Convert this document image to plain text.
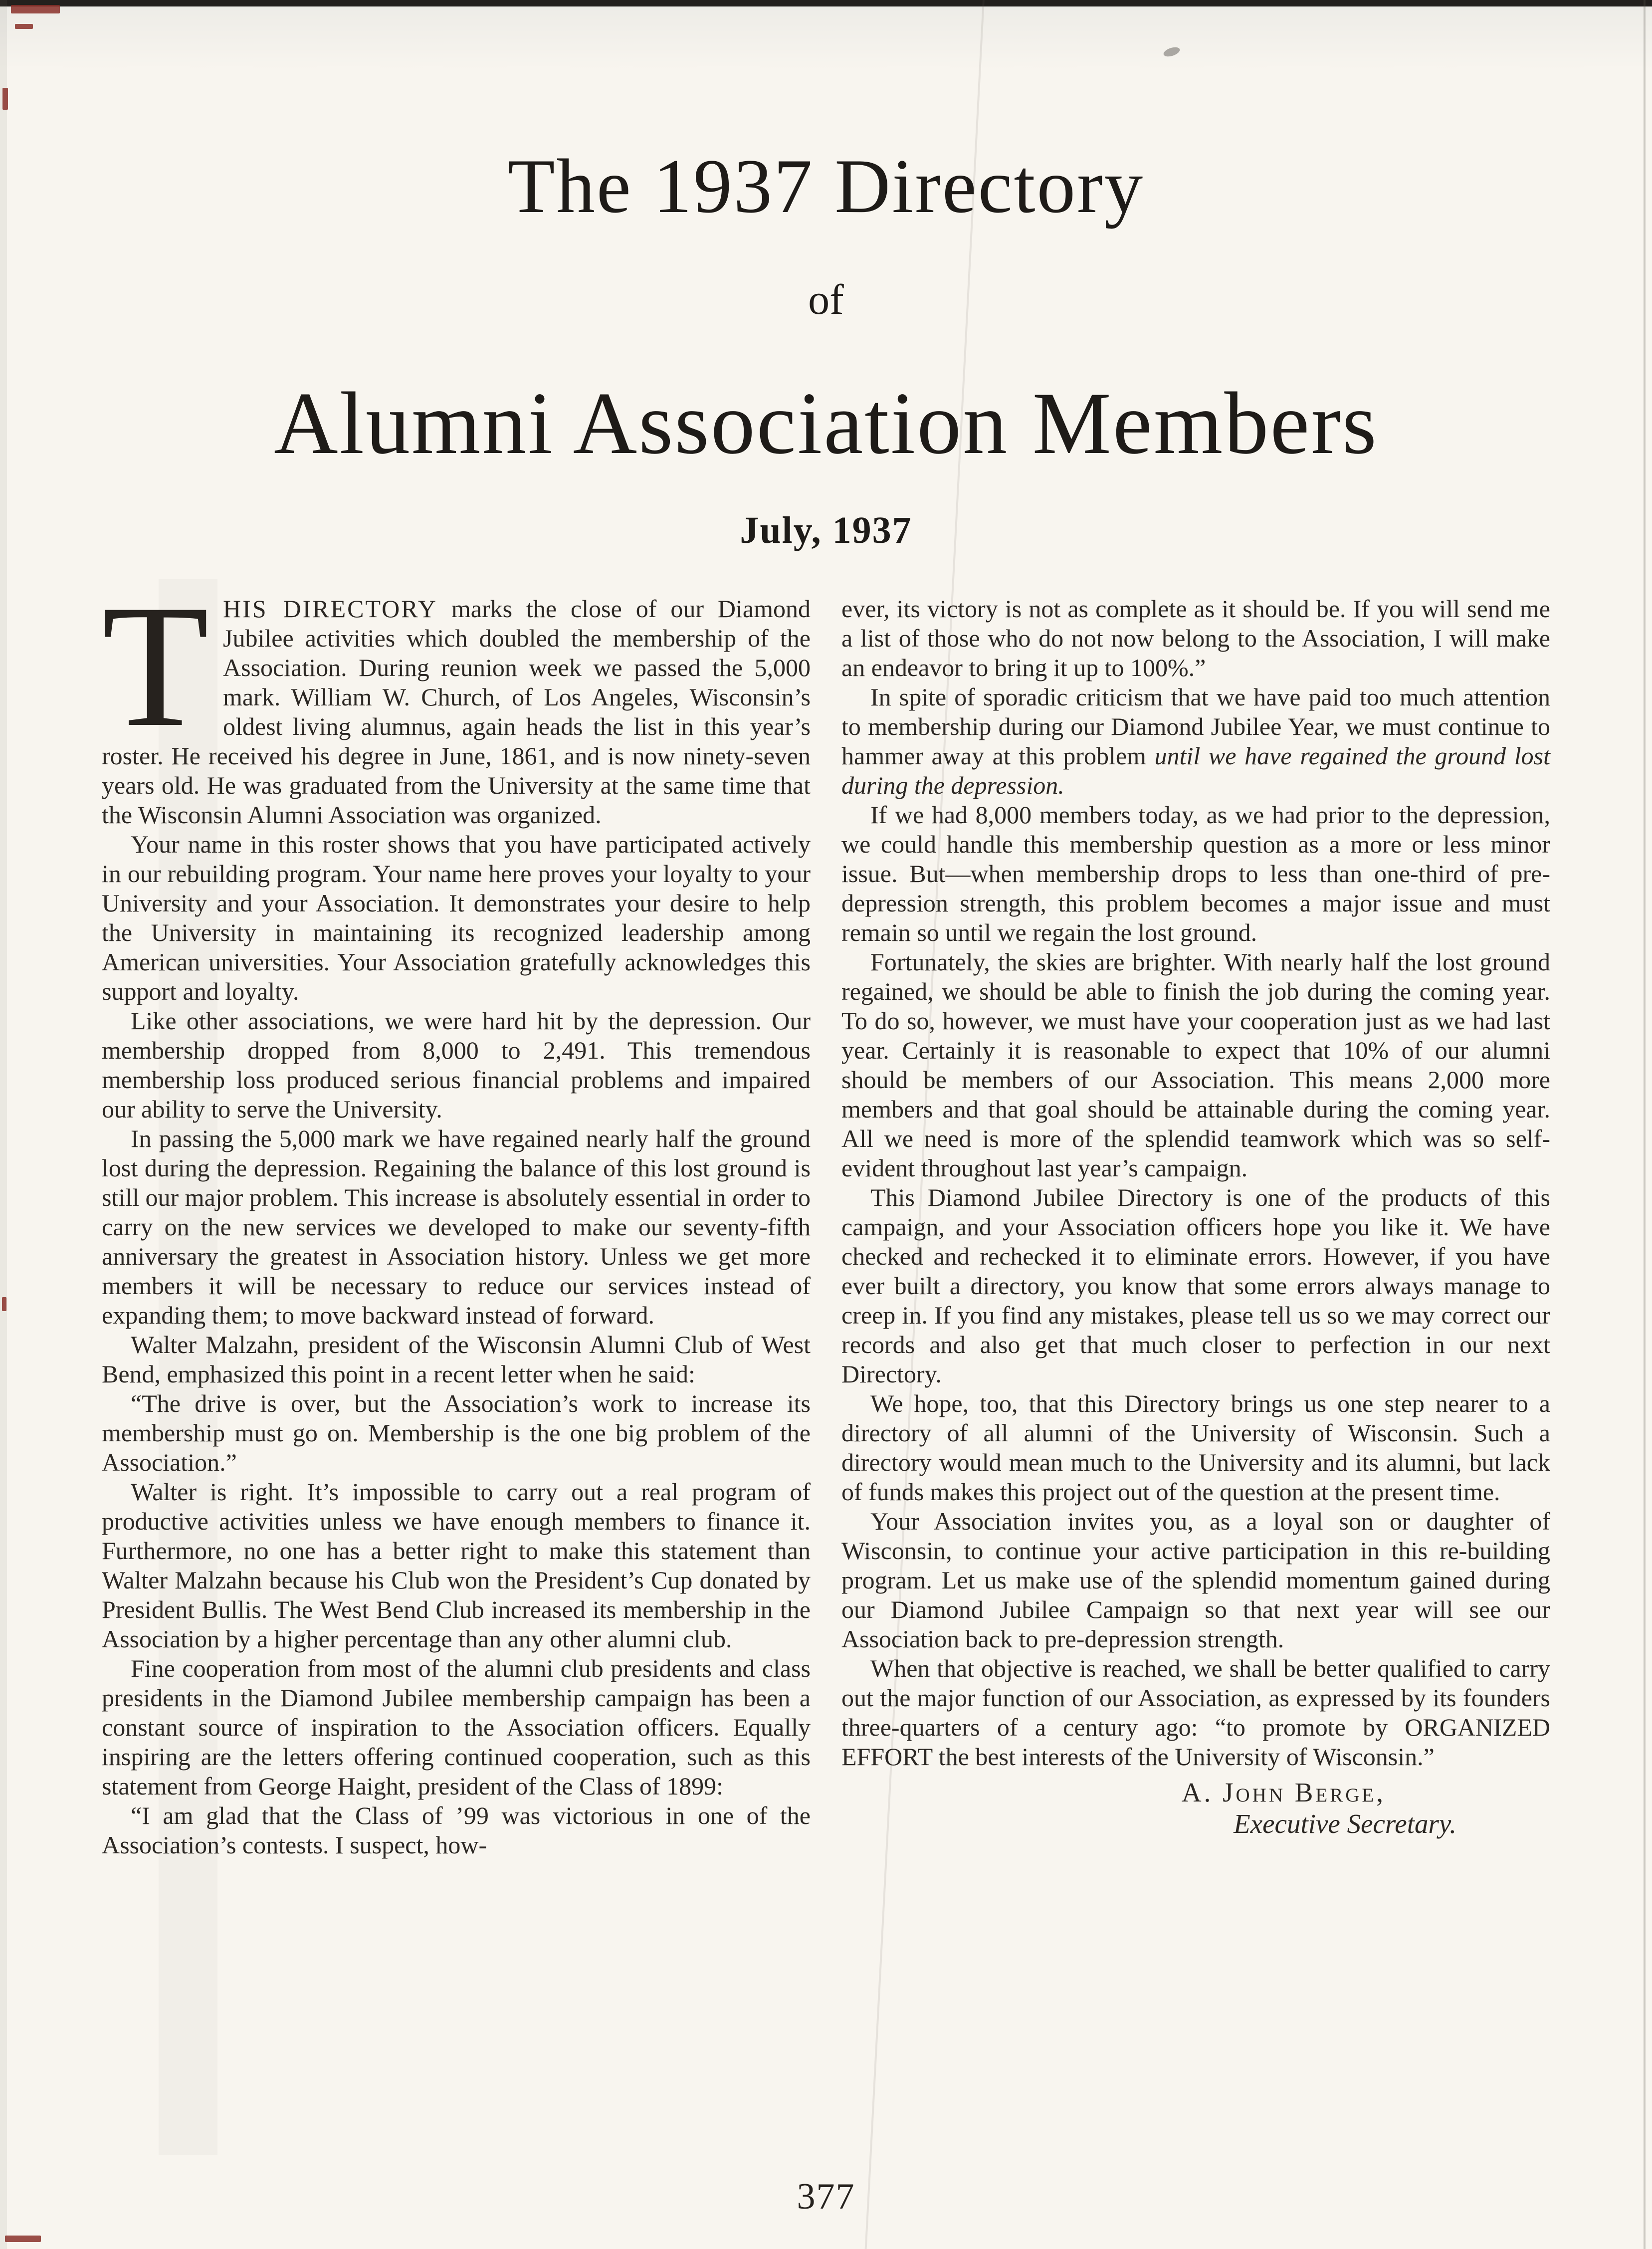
The 1937 Directory
of
Alumni Association Members
July, 1937

THIS DIRECTORY marks the close of our Diamond Jubilee activities which doubled the membership of the Association. During reunion week we passed the 5,000 mark. William W. Church, of Los Angeles, Wisconsin’s oldest living alumnus, again heads the list in this year’s roster. He received his degree in June, 1861, and is now ninety-seven years old. He was graduated from the University at the same time that the Wisconsin Alumni Association was organized.

Your name in this roster shows that you have participated actively in our rebuilding program. Your name here proves your loyalty to your University and your Association. It demonstrates your desire to help the University in maintaining its recognized leadership among American universities. Your Association gratefully acknowledges this support and loyalty.

Like other associations, we were hard hit by the depression. Our membership dropped from 8,000 to 2,491. This tremendous membership loss produced serious financial problems and impaired our ability to serve the University.

In passing the 5,000 mark we have regained nearly half the ground lost during the depression. Regaining the balance of this lost ground is still our major problem. This increase is absolutely essential in order to carry on the new services we developed to make our seventy-fifth anniversary the greatest in Association history. Unless we get more members it will be necessary to reduce our services instead of expanding them; to move backward instead of forward.

Walter Malzahn, president of the Wisconsin Alumni Club of West Bend, emphasized this point in a recent letter when he said:

“The drive is over, but the Association’s work to increase its membership must go on. Membership is the one big problem of the Association.”

Walter is right. It’s impossible to carry out a real program of productive activities unless we have enough members to finance it. Furthermore, no one has a better right to make this statement than Walter Malzahn because his Club won the President’s Cup donated by President Bullis. The West Bend Club increased its membership in the Association by a higher percentage than any other alumni club.

Fine cooperation from most of the alumni club presidents and class presidents in the Diamond Jubilee membership campaign has been a constant source of inspiration to the Association officers. Equally inspiring are the letters offering continued cooperation, such as this statement from George Haight, president of the Class of 1899:

“I am glad that the Class of ’99 was victorious in one of the Association’s contests. I suspect, how-

ever, its victory is not as complete as it should be. If you will send me a list of those who do not now belong to the Association, I will make an endeavor to bring it up to 100%.”

In spite of sporadic criticism that we have paid too much attention to membership during our Diamond Jubilee Year, we must continue to hammer away at this problem until we have regained the ground lost during the depression.

If we had 8,000 members today, as we had prior to the depression, we could handle this membership question as a more or less minor issue. But—when membership drops to less than one-third of pre-depression strength, this problem becomes a major issue and must remain so until we regain the lost ground.

Fortunately, the skies are brighter. With nearly half the lost ground regained, we should be able to finish the job during the coming year. To do so, however, we must have your cooperation just as we had last year. Certainly it is reasonable to expect that 10% of our alumni should be members of our Association. This means 2,000 more members and that goal should be attainable during the coming year. All we need is more of the splendid teamwork which was so self-evident throughout last year’s campaign.

This Diamond Jubilee Directory is one of the products of this campaign, and your Association officers hope you like it. We have checked and rechecked it to eliminate errors. However, if you have ever built a directory, you know that some errors always manage to creep in. If you find any mistakes, please tell us so we may correct our records and also get that much closer to perfection in our next Directory.

We hope, too, that this Directory brings us one step nearer to a directory of all alumni of the University of Wisconsin. Such a directory would mean much to the University and its alumni, but lack of funds makes this project out of the question at the present time.

Your Association invites you, as a loyal son or daughter of Wisconsin, to continue your active participation in this re-building program. Let us make use of the splendid momentum gained during our Diamond Jubilee Campaign so that next year will see our Association back to pre-depression strength.

When that objective is reached, we shall be better qualified to carry out the major function of our Association, as expressed by its founders three-quarters of a century ago: “to promote by ORGANIZED EFFORT the best interests of the University of Wisconsin.”

A. John Berge,
Executive Secretary.
377
